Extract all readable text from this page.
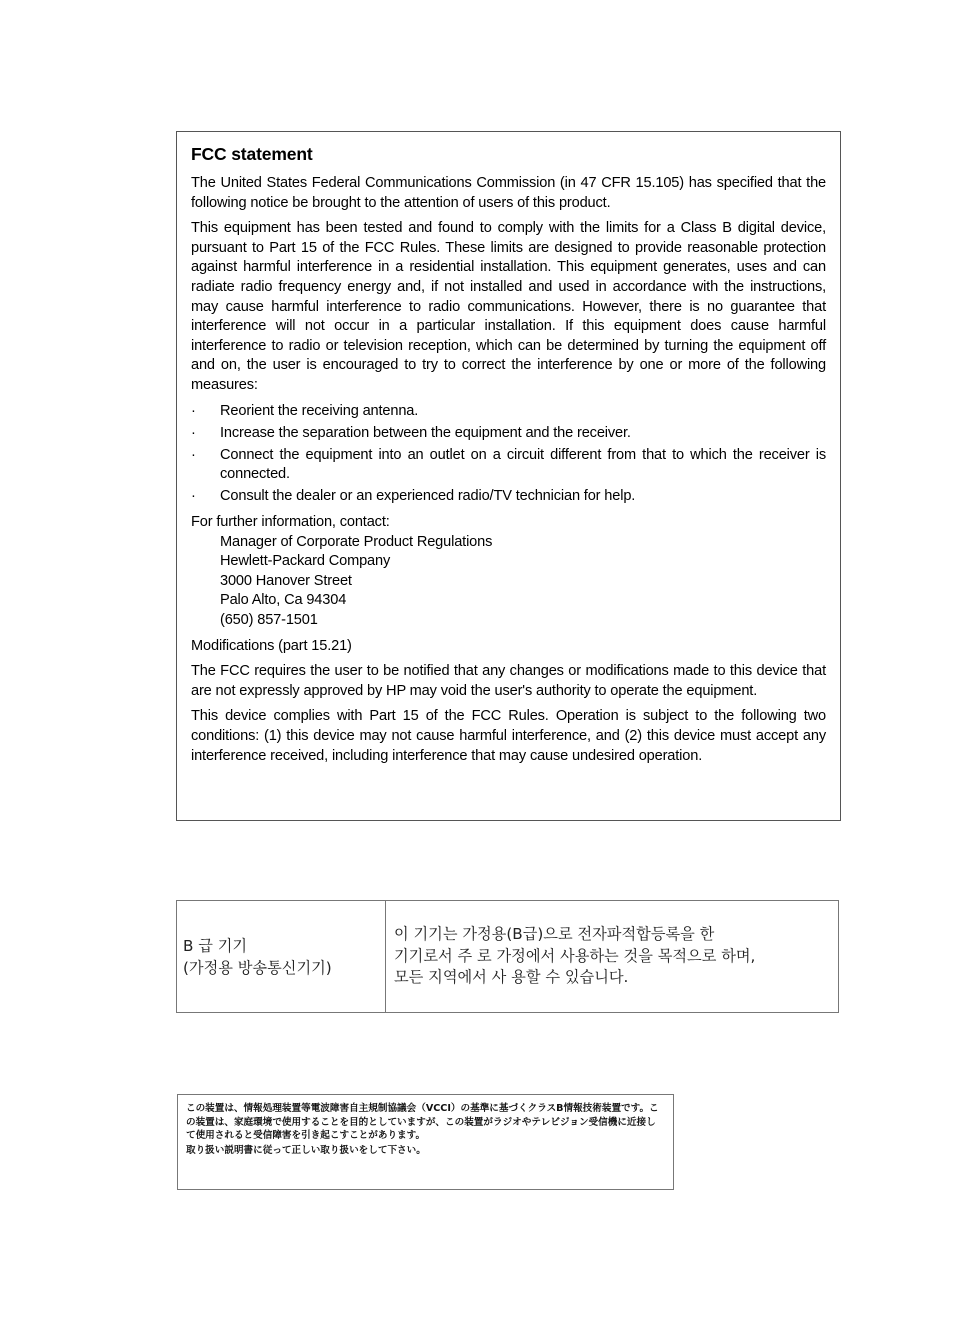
FCC statement

The United States Federal Communications Commission (in 47 CFR 15.105) has specified that the following notice be brought to the attention of users of this product.

This equipment has been tested and found to comply with the limits for a Class B digital device, pursuant to Part 15 of the FCC Rules. These limits are designed to provide reasonable protection against harmful interference in a residential installation. This equipment generates, uses and can radiate radio frequency energy and, if not installed and used in accordance with the instructions, may cause harmful interference to radio communications. However, there is no guarantee that interference will not occur in a particular installation. If this equipment does cause harmful interference to radio or television reception, which can be determined by turning the equipment off and on, the user is encouraged to try to correct the interference by one or more of the following measures:

· Reorient the receiving antenna.
· Increase the separation between the equipment and the receiver.
· Connect the equipment into an outlet on a circuit different from that to which the receiver is connected.
· Consult the dealer or an experienced radio/TV technician for help.
For further information, contact:
Manager of Corporate Product Regulations
Hewlett-Packard Company
3000 Hanover Street
Palo Alto, Ca 94304
(650) 857-1501

Modifications (part 15.21)

The FCC requires the user to be notified that any changes or modifications made to this device that are not expressly approved by HP may void the user's authority to operate the equipment.

This device complies with Part 15 of the FCC Rules. Operation is subject to the following two conditions: (1) this device may not cause harmful interference, and (2) this device must accept any interference received, including interference that may cause undesired operation.

B 급 기기
(가정용 방송통신기기)

이 기기는 가정용(B급)으로 전자파적합등록을 한
기기로서 주 로 가정에서 사용하는 것을 목적으로 하며,
모든 지역에서 사 용할 수 있습니다.

この装置は、情報処理装置等電波障害自主規制協議会（VCCI）の基準に基づくクラスB情報技術装置です。この装置は、家庭環境で使用することを目的としていますが、この装置がラジオやテレビジョン受信機に近接して使用されると受信障害を引き起こすことがあります。

取り扱い説明書に従って正しい取り扱いをして下さい。
